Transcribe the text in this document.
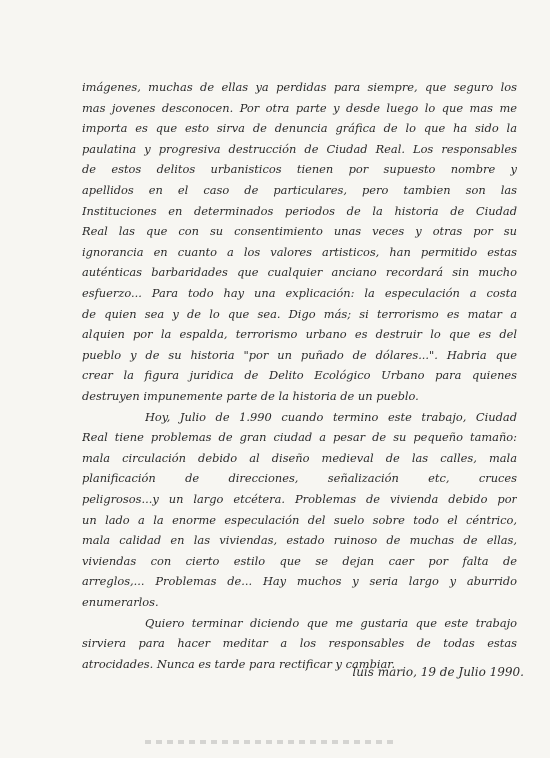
imágenes, muchas de ellas ya perdidas para siempre, que seguro los
mas jovenes desconocen. Por otra parte y desde luego lo que mas me
importa es que esto sirva de denuncia gráfica de lo que ha sido la
paulatina y progresiva destrucción de Ciudad Real. Los responsables
de estos delitos urbanisticos tienen por supuesto nombre y
apellidos en el caso de particulares, pero tambien son las
Instituciones en determinados periodos de la historia de Ciudad
Real las que con su consentimiento unas veces y otras por su
ignorancia en cuanto a los valores artisticos, han permitido estas
auténticas barbaridades que cualquier anciano recordará sin mucho
esfuerzo... Para todo hay una explicación: la especulación a costa
de quien sea y de lo que sea. Digo más; si terrorismo es matar a
alquien por la espalda, terrorismo urbano es destruir lo que es del
pueblo y de su historia "por un puñado de dólares...". Habria que
crear la figura juridica de Delito Ecológico Urbano para quienes
destruyen impunemente parte de la historia de un pueblo.
Hoy, Julio de 1.990 cuando termino este trabajo, Ciudad
Real tiene problemas de gran ciudad a pesar de su pequeño tamaño:
mala circulación debido al diseño medieval de las calles, mala
planificación de direcciones, señalización etc, cruces
peligrosos...y un largo etcétera. Problemas de vivienda debido por
un lado a la enorme especulación del suelo sobre todo el céntrico,
mala calidad en las viviendas, estado ruinoso de muchas de ellas,
viviendas con cierto estilo que se dejan caer por falta de
arreglos,... Problemas de... Hay muchos y seria largo y aburrido
enumerarlos.
Quiero terminar diciendo que me gustaria que este trabajo
sirviera para hacer meditar a los responsables de todas estas
atrocidades. Nunca es tarde para rectificar y cambiar.
luis mario, 19 de Julio 1990.
